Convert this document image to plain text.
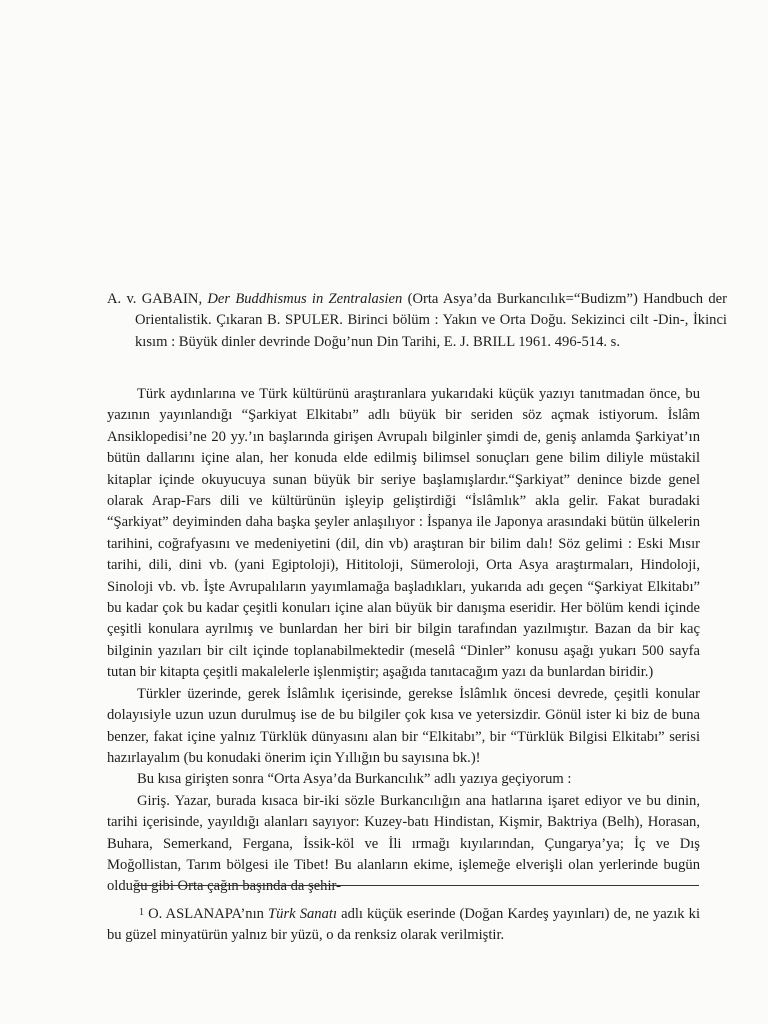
A. v. GABAIN, Der Buddhismus in Zentralasien (Orta Asya’da Burkancılık=“Budizm”) Handbuch der Orientalistik. Çıkaran B. SPULER. Birinci bölüm : Yakın ve Orta Doğu. Sekizinci cilt -Din-, İkinci kısım : Büyük dinler devrinde Doğu’nun Din Tarihi, E. J. BRILL 1961. 496-514. s.

Türk aydınlarına ve Türk kültürünü araştıranlara yukarıdaki küçük yazıyı tanıtmadan önce, bu yazının yayınlandığı “Şarkiyat Elkitabı” adlı büyük bir seriden söz açmak istiyorum. İslâm Ansiklopedisi’ne 20 yy.’ın başlarında girişen Avrupalı bilginler şimdi de, geniş anlamda Şarkiyat’ın bütün dallarını içine alan, her konuda elde edilmiş bilimsel sonuçları gene bilim diliyle müstakil kitaplar içinde okuyucuya sunan büyük bir seriye başlamışlardır.“Şarkiyat” denince bizde genel olarak Arap-Fars dili ve kültürünün işleyip geliştirdiği “İslâmlık” akla gelir. Fakat buradaki “Şarkiyat” deyiminden daha başka şeyler anlaşılıyor : İspanya ile Japonya arasındaki bütün ülkelerin tarihini, coğrafyasını ve medeniyetini (dil, din vb) araştıran bir bilim dalı! Söz gelimi : Eski Mısır tarihi, dili, dini vb. (yani Egiptoloji), Hititoloji, Sümeroloji, Orta Asya araştırmaları, Hindoloji, Sinoloji vb. vb. İşte Avrupalıların yayımlamağa başladıkları, yukarıda adı geçen “Şarkiyat Elkitabı” bu kadar çok bu kadar çeşitli konuları içine alan büyük bir danışma eseridir. Her bölüm kendi içinde çeşitli konulara ayrılmış ve bunlardan her biri bir bilgin tarafından yazılmıştır. Bazan da bir kaç bilginin yazıları bir cilt içinde toplanabilmektedir (meselâ “Dinler” konusu aşağı yukarı 500 sayfa tutan bir kitapta çeşitli makalelerle işlenmiştir; aşağıda tanıtacağım yazı da bunlardan biridir.)

Türkler üzerinde, gerek İslâmlık içerisinde, gerekse İslâmlık öncesi devrede, çeşitli konular dolayısiyle uzun uzun durulmuş ise de bu bilgiler çok kısa ve yetersizdir. Gönül ister ki biz de buna benzer, fakat içine yalnız Türklük dünyasını alan bir “Elkitabı”, bir “Türklük Bilgisi Elkitabı” serisi hazırlayalım (bu konudaki önerim için Yıllığın bu sayısına bk.)!

Bu kısa girişten sonra “Orta Asya’da Burkancılık” adlı yazıya geçiyorum :

Giriş. Yazar, burada kısaca bir-iki sözle Burkancılığın ana hatlarına işaret ediyor ve bu dinin, tarihi içerisinde, yayıldığı alanları sayıyor: Kuzey-batı Hindistan, Kişmir, Baktriya (Belh), Horasan, Buhara, Semerkand, Fergana, İssik-köl ve İli ırmağı kıyılarından, Çungarya’ya; İç ve Dış Moğollistan, Tarım bölgesi ile Tibet! Bu alanların ekime, işlemeğe elverişli olan yerlerinde bugün olduğu gibi Orta çağın başında da şehir-

$^1$ O. ASLANAPA’nın Türk Sanatı adlı küçük eserinde (Doğan Kardeş yayınları) de, ne yazık ki bu güzel minyatürün yalnız bir yüzü, o da renksiz olarak verilmiştir.
